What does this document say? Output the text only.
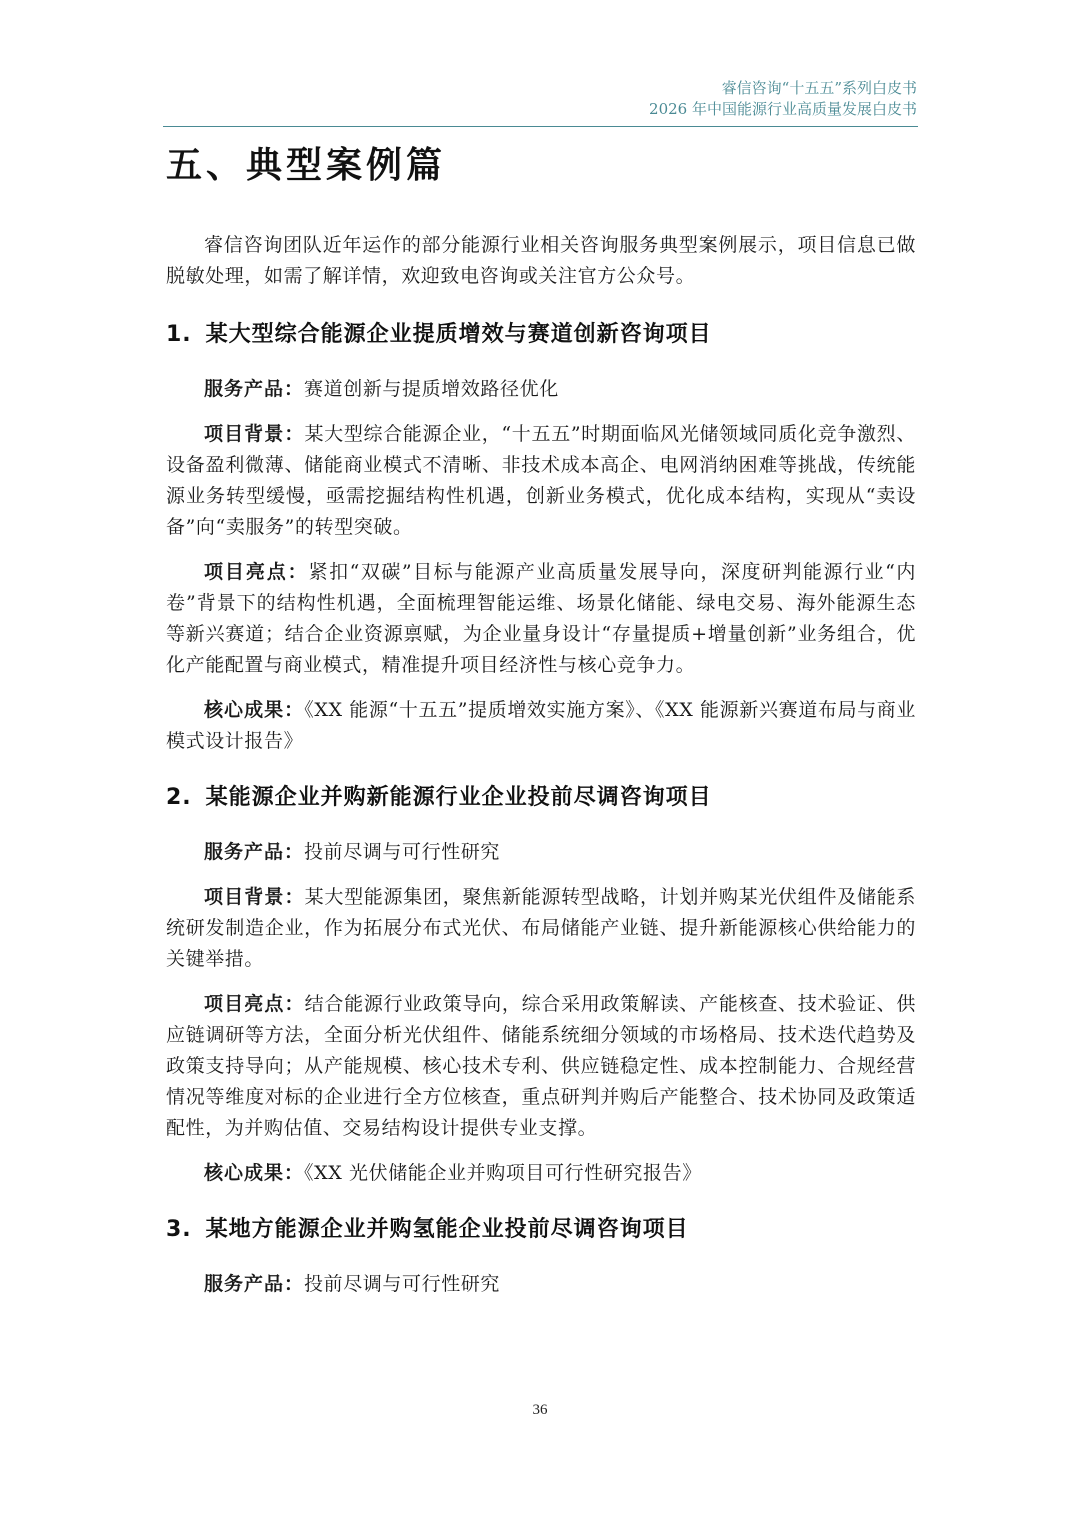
睿信咨询“十五五”系列白皮书
2026 年中国能源行业高质量发展白皮书
五、典型案例篇

睿信咨询团队近年运作的部分能源行业相关咨询服务典型案例展示，项目信息已做脱敏处理，如需了解详情，欢迎致电咨询或关注官方公众号。

1. 某大型综合能源企业提质增效与赛道创新咨询项目

服务产品：赛道创新与提质增效路径优化

项目背景：某大型综合能源企业，“十五五”时期面临风光储领域同质化竞争激烈、设备盈利微薄、储能商业模式不清晰、非技术成本高企、电网消纳困难等挑战，传统能源业务转型缓慢，亟需挖掘结构性机遇，创新业务模式，优化成本结构，实现从“卖设备”向“卖服务”的转型突破。

项目亮点：紧扣“双碳”目标与能源产业高质量发展导向，深度研判能源行业“内卷”背景下的结构性机遇，全面梳理智能运维、场景化储能、绿电交易、海外能源生态等新兴赛道；结合企业资源禀赋，为企业量身设计“存量提质+增量创新”业务组合，优化产能配置与商业模式，精准提升项目经济性与核心竞争力。

核心成果：《XX 能源“十五五”提质增效实施方案》、《XX 能源新兴赛道布局与商业模式设计报告》

2. 某能源企业并购新能源行业企业投前尽调咨询项目

服务产品：投前尽调与可行性研究

项目背景：某大型能源集团，聚焦新能源转型战略，计划并购某光伏组件及储能系统研发制造企业，作为拓展分布式光伏、布局储能产业链、提升新能源核心供给能力的关键举措。

项目亮点：结合能源行业政策导向，综合采用政策解读、产能核查、技术验证、供应链调研等方法，全面分析光伏组件、储能系统细分领域的市场格局、技术迭代趋势及政策支持导向；从产能规模、核心技术专利、供应链稳定性、成本控制能力、合规经营情况等维度对标的企业进行全方位核查，重点研判并购后产能整合、技术协同及政策适配性，为并购估值、交易结构设计提供专业支撑。

核心成果：《XX 光伏储能企业并购项目可行性研究报告》

3. 某地方能源企业并购氢能企业投前尽调咨询项目

服务产品：投前尽调与可行性研究

36
